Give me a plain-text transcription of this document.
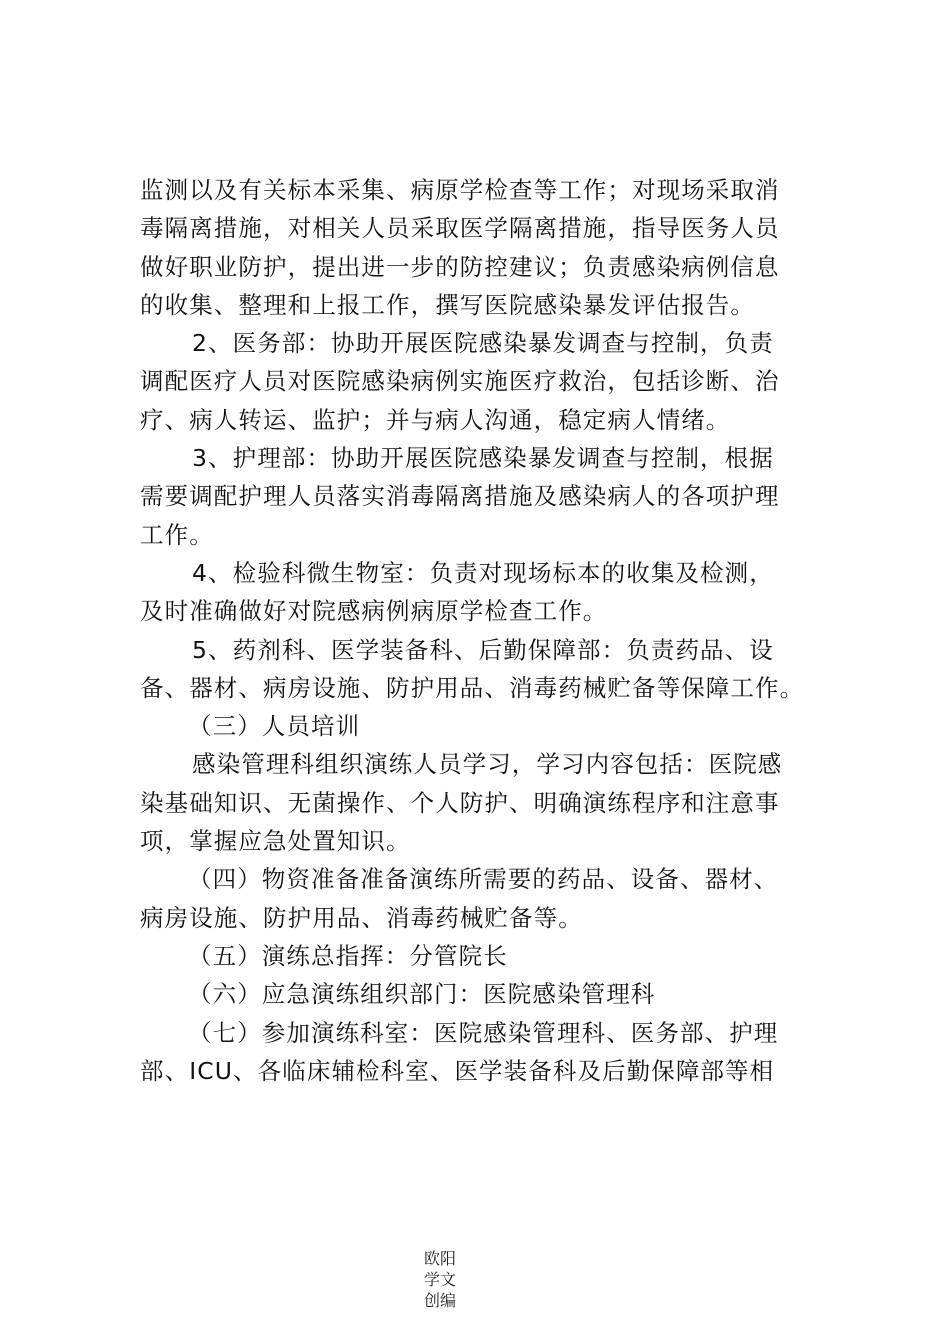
监测以及有关标本采集、病原学检查等工作；对现场采取消
毒隔离措施，对相关人员采取医学隔离措施，指导医务人员
做好职业防护，提出进一步的防控建议；负责感染病例信息
的收集、整理和上报工作，撰写医院感染暴发评估报告。
2、医务部：协助开展医院感染暴发调查与控制，负责
调配医疗人员对医院感染病例实施医疗救治，包括诊断、治
疗、病人转运、监护；并与病人沟通，稳定病人情绪。
3、护理部：协助开展医院感染暴发调查与控制，根据
需要调配护理人员落实消毒隔离措施及感染病人的各项护理
工作。
4、检验科微生物室：负责对现场标本的收集及检测，
及时准确做好对院感病例病原学检查工作。
5、药剂科、医学装备科、后勤保障部：负责药品、设
备、器材、病房设施、防护用品、消毒药械贮备等保障工作。
（三）人员培训
感染管理科组织演练人员学习，学习内容包括：医院感
染基础知识、无菌操作、个人防护、明确演练程序和注意事
项，掌握应急处置知识。
（四）物资准备准备演练所需要的药品、设备、器材、
病房设施、防护用品、消毒药械贮备等。
（五）演练总指挥：分管院长
（六）应急演练组织部门：医院感染管理科
（七）参加演练科室：医院感染管理科、医务部、护理
部、ICU、各临床辅检科室、医学装备科及后勤保障部等相
欧阳
学文
创编
